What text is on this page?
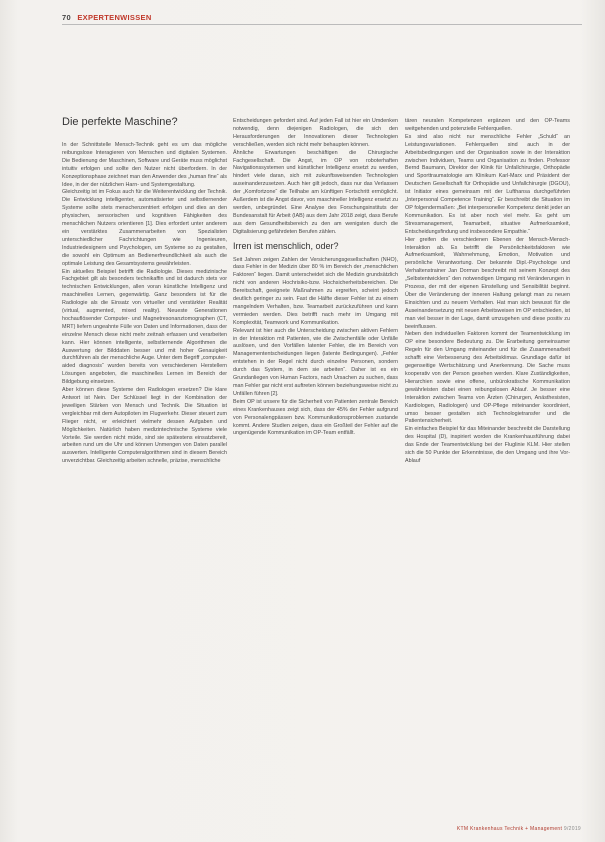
70 EXPERTENWISSEN
Die perfekte Maschine?

In der Schnittstelle Mensch-Technik geht es um das mögliche reibungslose Interagieren von Menschen und digitalen Systemen. Die Bedienung der Maschinen, Software und Geräte muss möglichst intuitiv erfolgen und sollte den Nutzer nicht überfordern. In der Konzeptionsphase zeichnet man den Anwender des „human fine“ als Idee, in der der nützlichen Harn- und Systemgestaltung.

Gleichzeitig ist im Fokus auch für die Weiterentwicklung der Technik. Die Entwicklung intelligenter, automatisierter und selbstlernender Systeme sollte stets menschenzentriert erfolgen und dies an den physischen, sensorischen und kognitiven Fähigkeiten des menschlichen Nutzers orientieren [1]. Dies erfordert unter anderem ein verstärktes Zusammenarbeiten von Spezialisten unterschiedlicher Fachrichtungen wie Ingenieuren, Industriedesignern und Psychologen, um Systeme so zu gestalten, die sowohl ein Optimum an Bedienerfreundlichkeit als auch die optimale Leistung des Gesamtsystems gewährleisten.

Ein aktuelles Beispiel betrifft die Radiologie. Dieses medizinische Fachgebiet gilt als besonders technikaffin und ist dadurch stets vor technischen Entwicklungen, allen voran künstliche Intelligenz und maschinelles Lernen, gegenwärtig. Ganz besonders ist für die Radiologie als die Einsatz von virtueller und verstärkter Realität (virtual, augmented, mixed reality). Neueste Generationen hochauflösender Computer- und Magnetresonanztomographen (CT, MRT) liefern ungeahnte Fülle von Daten und Informationen, dass der einzelne Mensch diese nicht mehr zeitnah erfassen und verarbeiten kann. Hier können intelligente, selbstlernende Algorithmen die Auswertung der Bilddaten besser und mit hoher Genauigkeit durchführen als der menschliche Auge. Unter dem Begriff „computer-aided diagnosis“ wurden bereits von verschiedenen Herstellern Lösungen angeboten, die maschinelles Lernen im Bereich der Bildgebung einsetzen.

Aber können diese Systeme den Radiologen ersetzen? Die klare Antwort ist Nein. Der Schlüssel liegt in der Kombination der jeweiligen Stärken von Mensch und Technik. Die Situation ist vergleichbar mit dem Autopiloten im Flugverkehr. Dieser steuert zum Flieger nicht, er erleichtert vielmehr dessen Aufgaben und Möglichkeiten. Natürlich haben medizintechnische Systeme viele Vorteile. Sie werden nicht müde, sind sie spätestens einsatzbereit, arbeiten rund um die Uhr und können Unmengen von Daten parallel auswerten. Intelligente Computeralgorithmen sind in diesem Bereich unverzichtbar. Gleichzeitig arbeiten schnelle, präzise, menschliche

Entscheidungen gefordert sind. Auf jeden Fall ist hier ein Umdenken notwendig, denn diejenigen Radiologen, die sich den Herausforderungen der Innovationen dieser Technologien verschließen, werden sich nicht mehr behaupten können.

Ähnliche Erwartungen beschäftigen die Chirurgische Fachgesellschaft. Die Angst, im OP von roboterhaften Navigationssystemen und künstlicher Intelligenz ersetzt zu werden, hindert viele daran, sich mit zukunftsweisenden Technologien auseinanderzusetzen. Auch hier gilt jedoch, dass nur das Verlassen der „Komfortzone“ die Teilhabe am künftigen Fortschritt ermöglicht. Außerdem ist die Angst davor, von maschineller Intelligenz ersetzt zu werden, unbegründet. Eine Analyse des Forschungsinstituts der Bundesanstalt für Arbeit (IAB) aus dem Jahr 2018 zeigt, dass Berufe aus dem Gesundheitsbereich zu den am wenigsten durch die Digitalisierung gefährdeten Berufen zählen.

Irren ist menschlich, oder?

Seit Jahren zeigen Zahlen der Versicherungsgesellschaften (NHO), dass Fehler in der Medizin über 80 % im Bereich der „menschlichen Faktoren“ liegen. Damit unterscheidet sich die Medizin grundsätzlich nicht von anderen Hochrisiko-bzw. Hochsicherheitsbereichen. Die Bereitschaft, geeignete Maßnahmen zu ergreifen, scheint jedoch deutlich geringer zu sein. Fast die Hälfte dieser Fehler ist zu einem mangelndem Verhalten, bzw. Teamarbeit zurückzuführen und kann vermieden werden. Dies betrifft nach mehr im Umgang mit Komplexität, Teamwork und Kommunikation.

Relevant ist hier auch die Unterscheidung zwischen aktiven Fehlern in der Interaktion mit Patienten, wie die Zwischenfälle oder Unfälle auslösen, und den Vorfällen latenter Fehler, die im Bereich von Managemententscheidungen liegen (latente Bedingungen). „Fehler entstehen in der Regel nicht durch einzelne Personen, sondern durch das System, in dem sie arbeiten“. Daher ist es ein Grundanliegen von Human Factors, nach Ursachen zu suchen, dass man Fehler gar nicht erst auftreten können beziehungsweise nicht zu Unfällen führen [2].

Beim OP ist unsere für die Sicherheit von Patienten zentrale Bereich eines Krankenhauses zeigt sich, dass der 45% der Fehler aufgrund von Personalengpässen bzw. Kommunikationsproblemen zustande kommt. Andere Studien zeigen, dass ein Großteil der Fehler auf die ungenügende Kommunikation im OP-Team entfällt.

tären neuralen Kompetenzen ergänzen und den OP-Teams weitgehenden und potenzielle Fehlerquellen.

Es sind also nicht nur menschliche Fehler „Schuld“ an Leistungsvariationen. Fehlerquellen sind auch in der Arbeitsbedingungen und der Organisation sowie in der Interaktion zwischen Individuen, Teams und Organisation zu finden. Professor Bernd Baumann, Direktor der Klinik für Unfallchirurgie, Orthopädie und Sporttraumatologie am Klinikum Karl-Marx und Präsident der Deutschen Gesellschaft für Orthopädie und Unfallchirurgie (DGOU), ist Initiator eines gemeinsam mit der Lufthansa durchgeführten „Interpersonal Competence Training“. Er beschreibt die Situation im OP folgendermaßen: „Bei interpersoneller Kompetenz denkt jeder an Kommunikation. Es ist aber noch viel mehr. Es geht um Stressmanagement, Teamarbeit, situative Aufmerksamkeit, Entscheidungsfindung und insbesondere Empathie.“

Hier greifen die verschiedenen Ebenen der Mensch-Mensch-Interaktion ab. Es betrifft die Persönlichkeitsfaktoren wie Aufmerksamkeit, Wahrnehmung, Emotion, Motivation und persönliche Verantwortung. Der bekannte Dipl.-Psychologe und Verhaltenstrainer Jan Dorman beschreibt mit seinem Konzept des „Selbstentwicklers“ den notwendigen Umgang mit Veränderungen in Prozess, der mit der eigenen Einstellung und Sensibilität beginnt. Über die Veränderung der inneren Haltung gelangt man zu neuen Einsichten und zu neuem Verhalten. Hat man sich bewusst für die Auseinandersetzung mit neuen Arbeitsweisen im OP entschieden, ist man viel besser in der Lage, damit umzugehen und diese positiv zu beeinflussen.

Neben den individuellen Faktoren kommt der Teamentwicklung im OP eine besondere Bedeutung zu. Die Erarbeitung gemeinsamer Regeln für den Umgang miteinander und für die Zusammenarbeit schafft eine Verbesserung des Arbeitsklimas. Grundlage dafür ist gegenseitige Wertschätzung und Anerkennung. Die Sache muss kooperativ von der Person gesehen werden. Klare Zuständigkeiten, Hierarchien sowie eine offene, unbürokratische Kommunikation gewährleisten dabei einen reibungslosen Ablauf. Je besser eine Interaktion zwischen Teams von Ärzten (Chirurgen, Anästhesisten, Kardiologen, Radiologen) und OP-Pflege miteinander koordiniert, umso besser gestalten sich Technologietransfer und die Patientensicherheit.

Ein einfaches Beispiel für das Miteinander beschreibt die Darstellung des Hospital (D), inspiriert worden die Krankenhausführung dabei das Ende der Teamentwicklung bei der Fluglinie KLM. Hier stellen sich die 50 Punkte der Erkenntnisse, die den Umgang und ihre Vor-Ablauf

KTM Krankenhaus Technik + Management 9/2019
